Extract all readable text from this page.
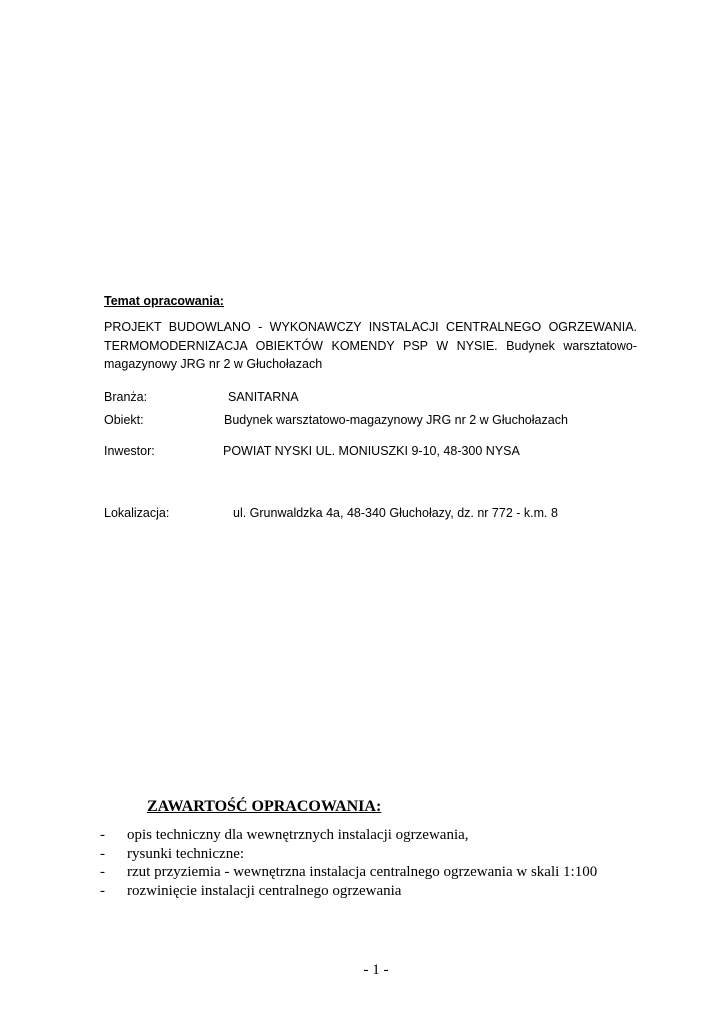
Temat opracowania:
PROJEKT BUDOWLANO - WYKONAWCZY INSTALACJI CENTRALNEGO OGRZEWANIA. TERMOMODERNIZACJA OBIEKTÓW KOMENDY PSP W NYSIE. Budynek warsztatowo-magazynowy JRG nr 2 w Głuchołazach
Branża:	SANITARNA
Obiekt:	Budynek warsztatowo-magazynowy JRG nr 2 w Głuchołazach
Inwestor:	POWIAT NYSKI UL. MONIUSZKI 9-10, 48-300 NYSA
Lokalizacja:	ul. Grunwaldzka 4a, 48-340 Głuchołazy, dz. nr 772 - k.m. 8
ZAWARTOŚĆ OPRACOWANIA:
- opis techniczny dla wewnętrznych instalacji ogrzewania,
- rysunki techniczne:
- rzut przyziemia - wewnętrzna instalacja centralnego ogrzewania w skali 1:100
- rozwinięcie instalacji centralnego ogrzewania
- 1 -
